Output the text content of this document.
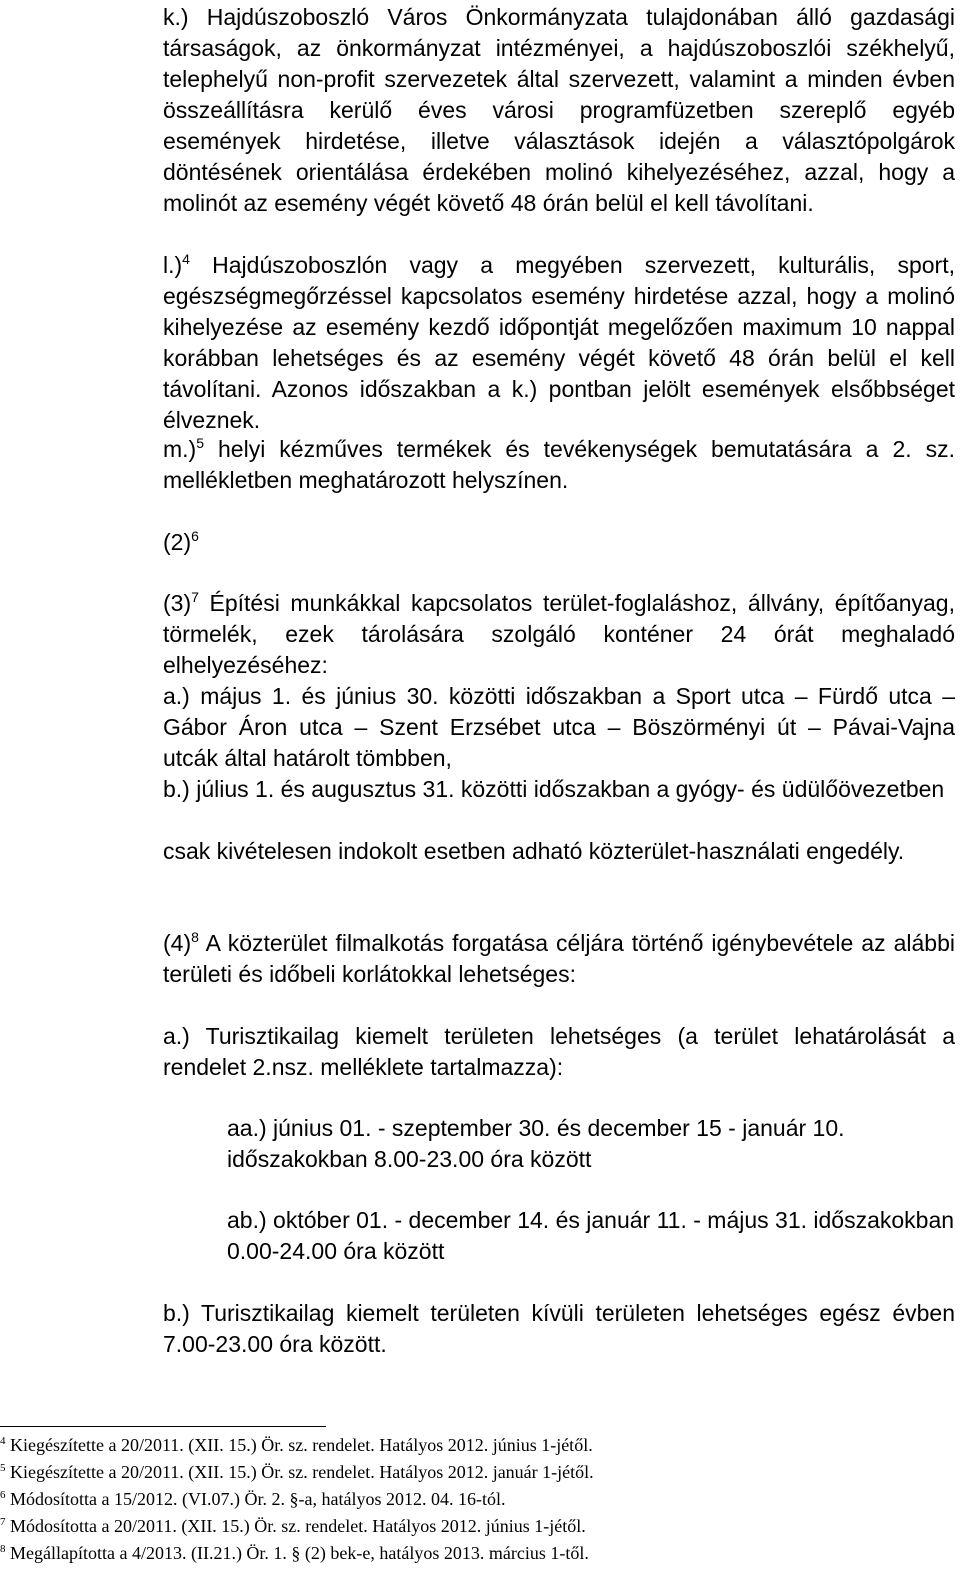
k.) Hajdúszoboszló Város Önkormányzata tulajdonában álló gazdasági társaságok, az önkormányzat intézményei, a hajdúszoboszlói székhelyű, telephelyű non-profit szervezetek által szervezett, valamint a minden évben összeállításra kerülő éves városi programfüzetben szereplő egyéb események hirdetése, illetve választások idején a választópolgárok döntésének orientálása érdekében molinó kihelyezéséhez, azzal, hogy a molinót az esemény végét követő 48 órán belül el kell távolítani.

l.)$^4$ Hajdúszoboszlón vagy a megyében szervezett, kulturális, sport, egészségmegőrzéssel kapcsolatos esemény hirdetése azzal, hogy a molinó kihelyezése az esemény kezdő időpontját megelőzően maximum 10 nappal korábban lehetséges és az esemény végét követő 48 órán belül el kell távolítani. Azonos időszakban a k.) pontban jelölt események elsőbbséget élveznek.

m.)$^5$ helyi kézműves termékek és tevékenységek bemutatására a 2. sz. mellékletben meghatározott helyszínen.

$(2)^6$

$(3)^7$ Építési munkákkal kapcsolatos terület-foglaláshoz, állvány, építőanyag, törmelék, ezek tárolására szolgáló konténer 24 órát meghaladó elhelyezéséhez:

a.) május 1. és június 30. közötti időszakban a Sport utca – Fürdő utca – Gábor Áron utca – Szent Erzsébet utca – Böszörményi út – Pávai-Vajna utcák által határolt tömbben,

b.) július 1. és augusztus 31. közötti időszakban a gyógy- és üdülőövezetben

csak kivételesen indokolt esetben adható közterület-használati engedély.

$(4)^8$ A közterület filmalkotás forgatása céljára történő igénybevétele az alábbi területi és időbeli korlátokkal lehetséges:

a.) Turisztikailag kiemelt területen lehetséges (a terület lehatárolását a rendelet 2.nsz. melléklete tartalmazza):

aa.) június 01. - szeptember 30. és december 15 - január 10. időszakokban 8.00-23.00 óra között

ab.) október 01. - december 14. és január 11. - május 31. időszakokban 0.00-24.00 óra között

b.) Turisztikailag kiemelt területen kívüli területen lehetséges egész évben 7.00-23.00 óra között.

$^4$ Kiegészítette a 20/2011. (XII. 15.) Ör. sz. rendelet. Hatályos 2012. június 1-jétől.
$^5$ Kiegészítette a 20/2011. (XII. 15.) Ör. sz. rendelet. Hatályos 2012. január 1-jétől.
$^6$ Módosította a 15/2012. (VI.07.) Ör. 2. §-a, hatályos 2012. 04. 16-tól.
$^7$ Módosította a 20/2011. (XII. 15.) Ör. sz. rendelet. Hatályos 2012. június 1-jétől.
$^8$ Megállapította a 4/2013. (II.21.) Ör. 1. § (2) bek-e, hatályos 2013. március 1-től.
